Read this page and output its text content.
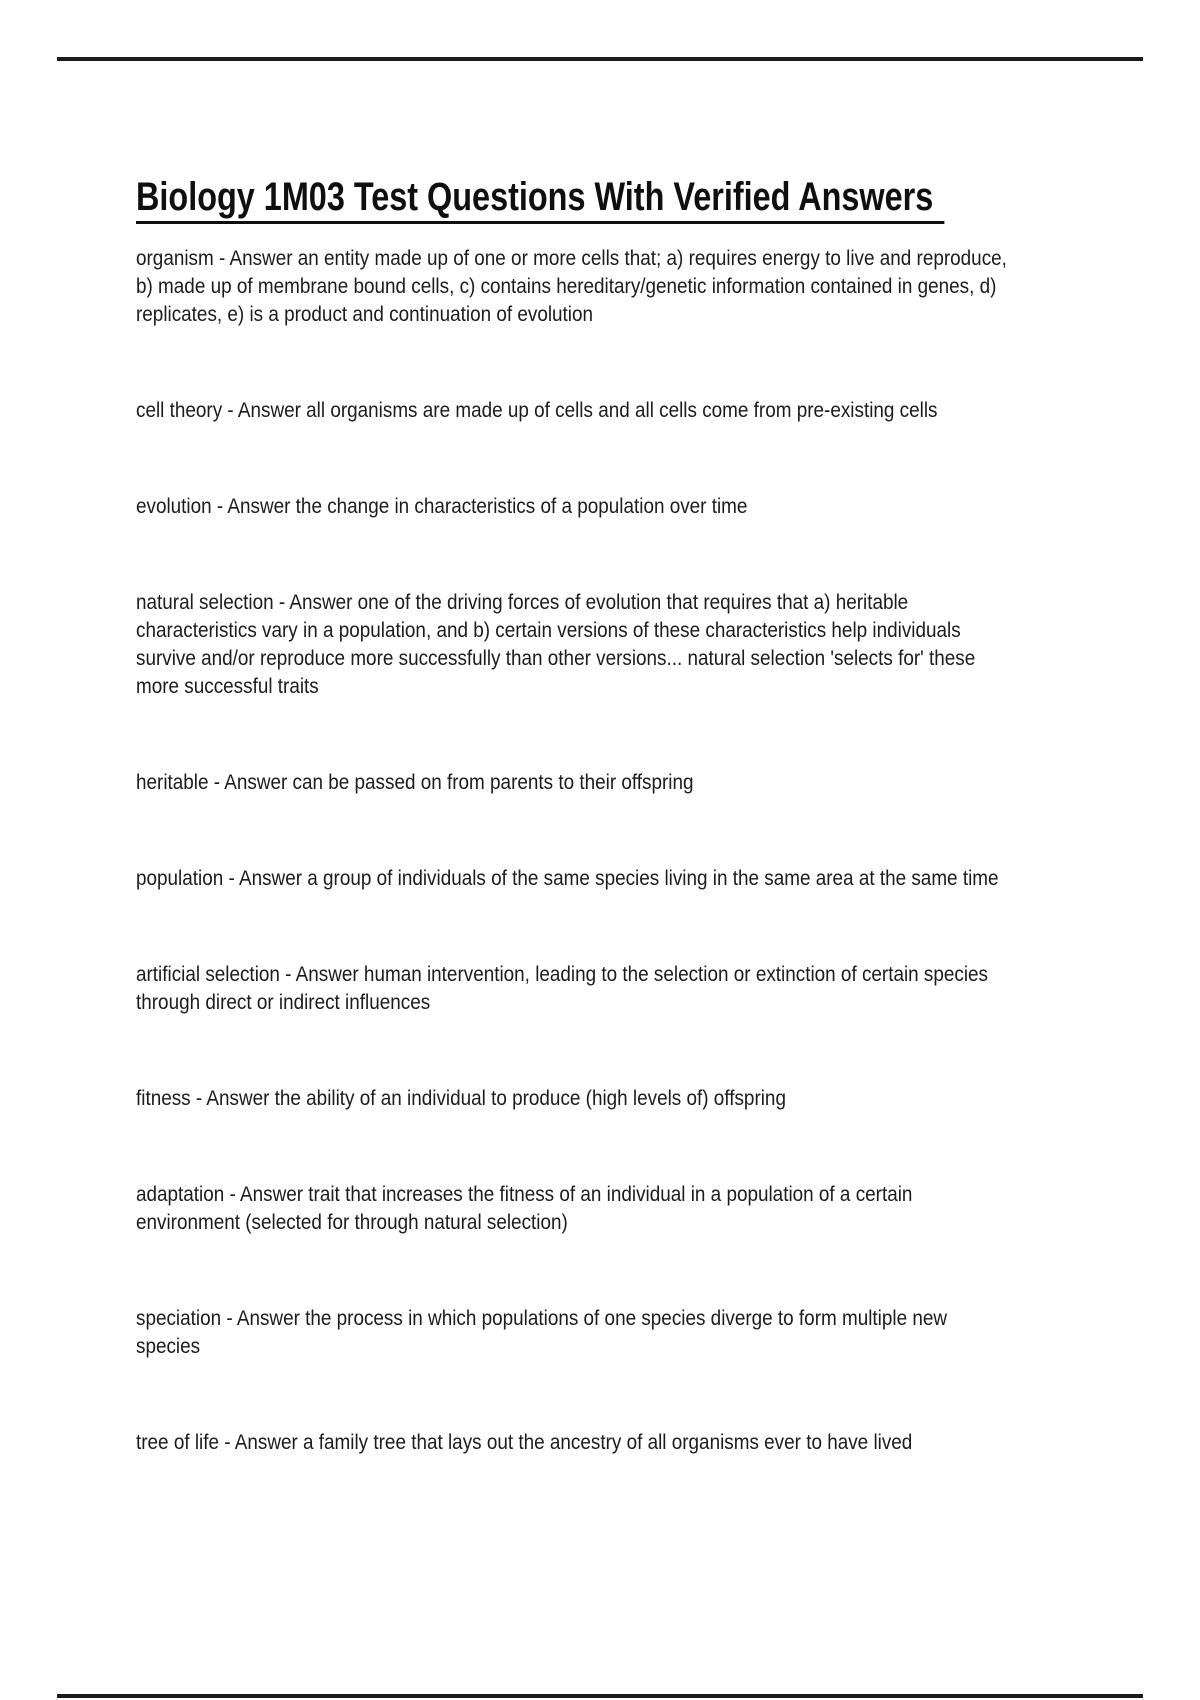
Biology 1M03 Test Questions With Verified Answers
organism - Answer an entity made up of one or more cells that; a) requires energy to live and reproduce,
b) made up of membrane bound cells, c) contains hereditary/genetic information contained in genes, d)
replicates, e) is a product and continuation of evolution
cell theory - Answer all organisms are made up of cells and all cells come from pre-existing cells
evolution - Answer the change in characteristics of a population over time
natural selection - Answer one of the driving forces of evolution that requires that a) heritable
characteristics vary in a population, and b) certain versions of these characteristics help individuals
survive and/or reproduce more successfully than other versions... natural selection 'selects for' these
more successful traits
heritable - Answer can be passed on from parents to their offspring
population - Answer a group of individuals of the same species living in the same area at the same time
artificial selection - Answer human intervention, leading to the selection or extinction of certain species
through direct or indirect influences
fitness - Answer the ability of an individual to produce (high levels of) offspring
adaptation - Answer trait that increases the fitness of an individual in a population of a certain
environment (selected for through natural selection)
speciation - Answer the process in which populations of one species diverge to form multiple new
species
tree of life - Answer a family tree that lays out the ancestry of all organisms ever to have lived
